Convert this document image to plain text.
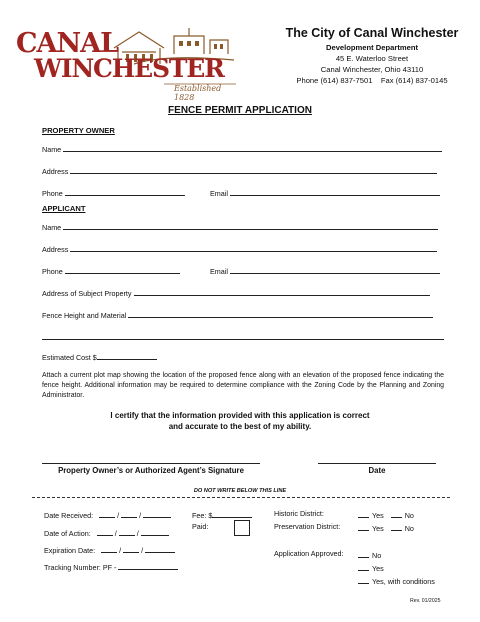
CANAL
WINCHESTER
Established 1828
The City of Canal Winchester
Development Department
45 E. Waterloo Street
Canal Winchester, Ohio 43110
Phone (614) 837-7501 Fax (614) 837-0145
FENCE PERMIT APPLICATION
PROPERTY OWNER
Name
Address
Phone	Email
APPLICANT
Name
Address
Phone	Email
Address of Subject Property
Fence Height and Material
Estimated Cost $
Attach a current plot map showing the location of the proposed fence along with an elevation of the proposed fence indicating the fence height. Additional information may be required to determine compliance with the Zoning Code by the Planning and Zoning Administrator.
I certify that the information provided with this application is correct
and accurate to the best of my ability.
Property Owner’s or Authorized Agent’s Signature	Date
DO NOT WRITE BELOW THIS LINE
Date Received:	/  /
Date of Action:	/  /
Expiration Date:	/  /
Tracking Number: PF -
Fee: $
Paid:
Historic District:	Yes	No
Preservation District:	Yes	No
Application Approved:	No
Yes
Yes, with conditions
Rev. 01/2025
